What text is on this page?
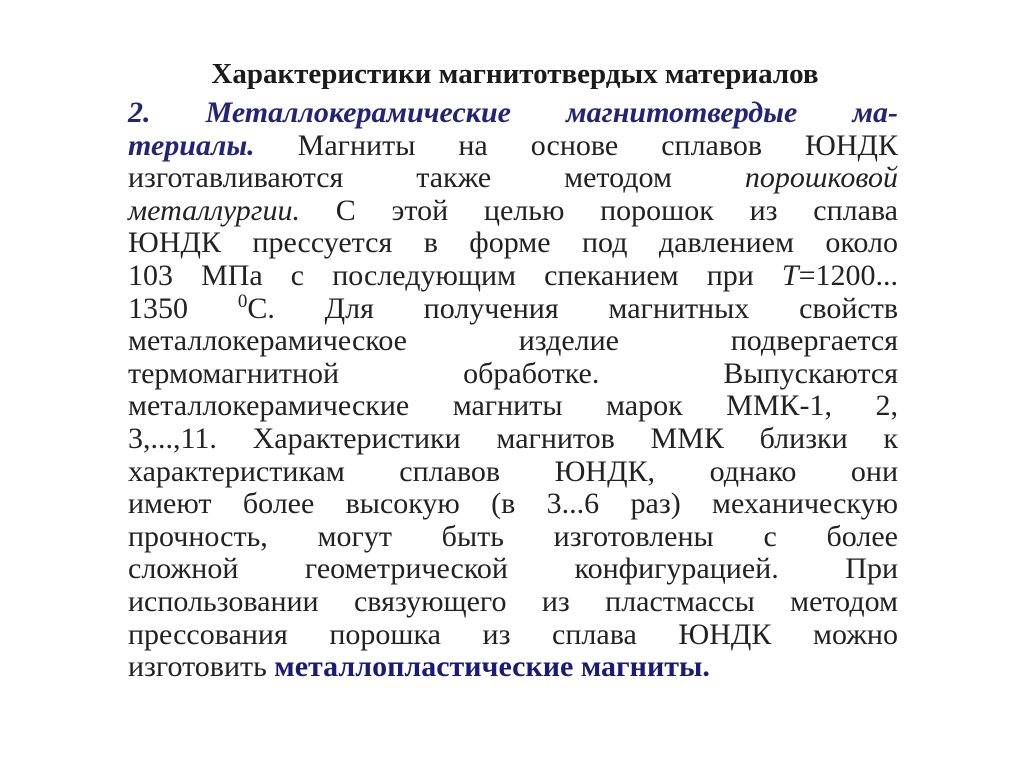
Характеристики магнитотвердых материалов
2. Металлокерамические магнитотвердые ма-
териалы. Магниты на основе сплавов ЮНДК
изготавливаются также методом порошковой
металлургии. С этой целью порошок из сплава
ЮНДК прессуется в форме под давлением около
103 МПа с последующим спеканием при T=1200...
1350 $^0$С. Для получения магнитных свойств
металлокерамическое изделие подвергается
термомагнитной обработке. Выпускаются
металлокерамические магниты марок ММК-1, 2,
3,...,11. Характеристики магнитов ММК близки к
характеристикам сплавов ЮНДК, однако они
имеют более высокую (в 3...6 раз) механическую
прочность, могут быть изготовлены с более
сложной геометрической конфигурацией. При
использовании связующего из пластмассы методом
прессования порошка из сплава ЮНДК можно
изготовить металлопластические магниты.
